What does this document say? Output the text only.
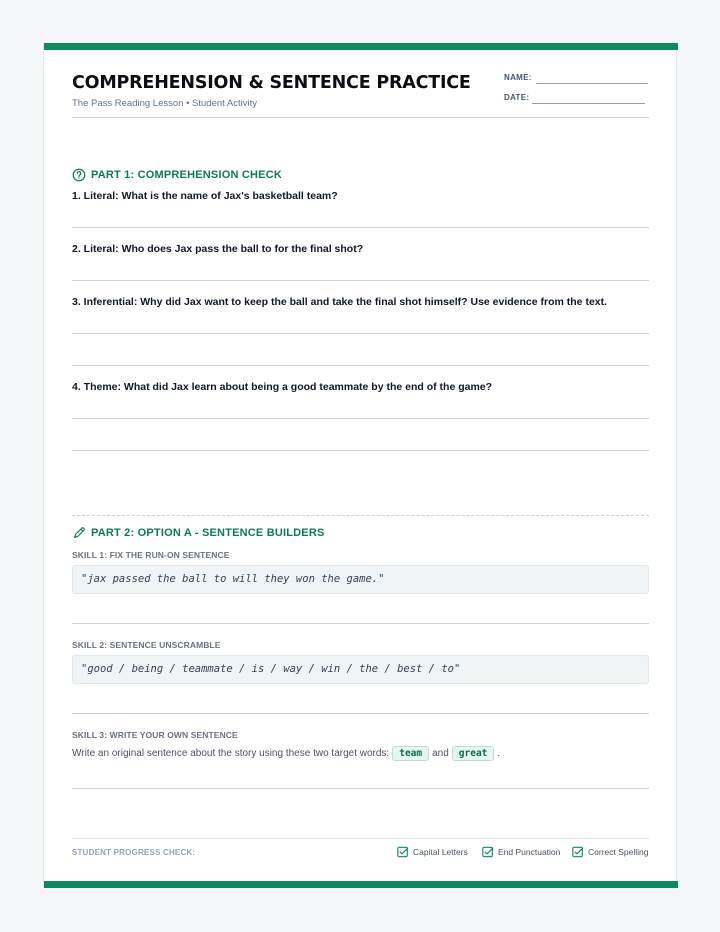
COMPREHENSION & SENTENCE PRACTICE
The Pass Reading Lesson • Student Activity
NAME:
DATE:
PART 1: COMPREHENSION CHECK
1. Literal: What is the name of Jax's basketball team?
2. Literal: Who does Jax pass the ball to for the final shot?
3. Inferential: Why did Jax want to keep the ball and take the final shot himself? Use evidence from the text.
4. Theme: What did Jax learn about being a good teammate by the end of the game?
PART 2: OPTION A - SENTENCE BUILDERS
SKILL 1: FIX THE RUN-ON SENTENCE
"jax passed the ball to will they won the game."
SKILL 2: SENTENCE UNSCRAMBLE
"good / being / teammate / is / way / win / the / best / to"
SKILL 3: WRITE YOUR OWN SENTENCE
Write an original sentence about the story using these two target words:	team	and	great	.
STUDENT PROGRESS CHECK:	Capital Letters	End Punctuation	Correct Spelling
